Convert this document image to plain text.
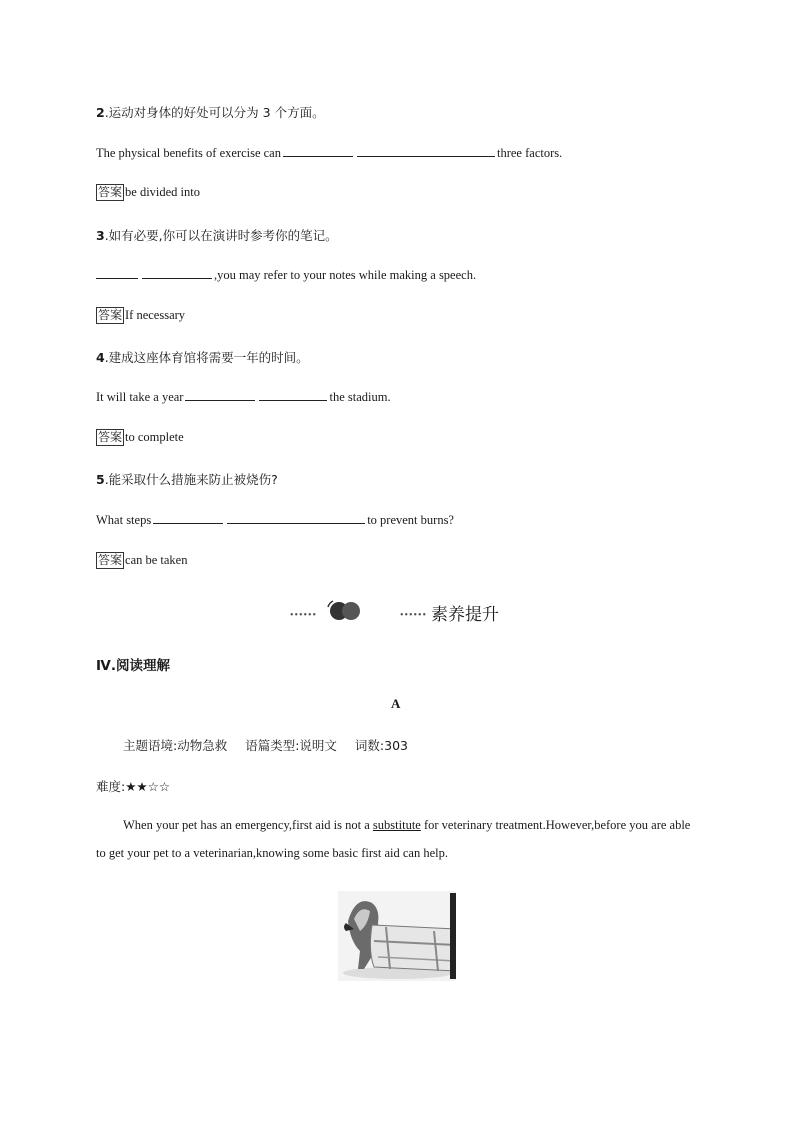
2.运动对身体的好处可以分为 3 个方面。
The physical benefits of exercise can	three factors.
答案 be divided into
3.如有必要,你可以在演讲时参考你的笔记。
,you may refer to your notes while making a speech.
答案 If necessary
4.建成这座体育馆将需要一年的时间。
It will take a year	the stadium.
答案 to complete
5.能采取什么措施来防止被烧伤?
What steps	to prevent burns?
答案 can be taken
••••••	•••••• 素养提升
Ⅳ.阅读理解
A
主题语境:动物急救 语篇类型:说明文 词数:303
难度:★★☆☆
When your pet has an emergency,first aid is not a substitute for veterinary treatment.However,before you are able to get your pet to a veterinarian,knowing some basic first aid can help.
